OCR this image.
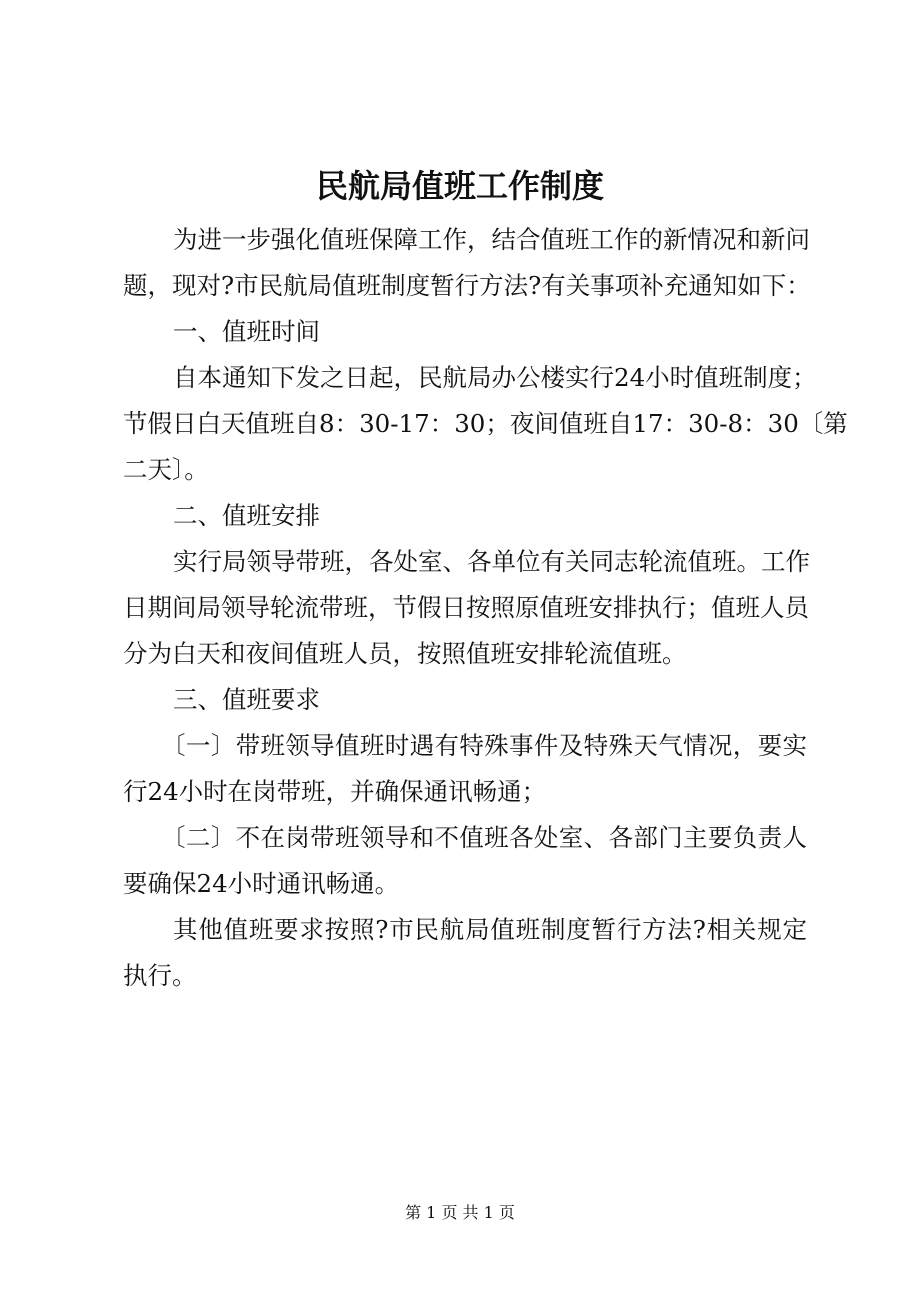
民航局值班工作制度
为进一步强化值班保障工作，结合值班工作的新情况和新问
题，现对?市民航局值班制度暂行方法?有关事项补充通知如下：
一、值班时间
自本通知下发之日起，民航局办公楼实行24小时值班制度；
节假日白天值班自8：30-17：30；夜间值班自17：30-8：30〔第
二天〕。
二、值班安排
实行局领导带班，各处室、各单位有关同志轮流值班。工作
日期间局领导轮流带班，节假日按照原值班安排执行；值班人员
分为白天和夜间值班人员，按照值班安排轮流值班。
三、值班要求
〔一〕带班领导值班时遇有特殊事件及特殊天气情况，要实
行24小时在岗带班，并确保通讯畅通；
〔二〕不在岗带班领导和不值班各处室、各部门主要负责人
要确保24小时通讯畅通。
其他值班要求按照?市民航局值班制度暂行方法?相关规定
执行。
第 1 页 共 1 页
